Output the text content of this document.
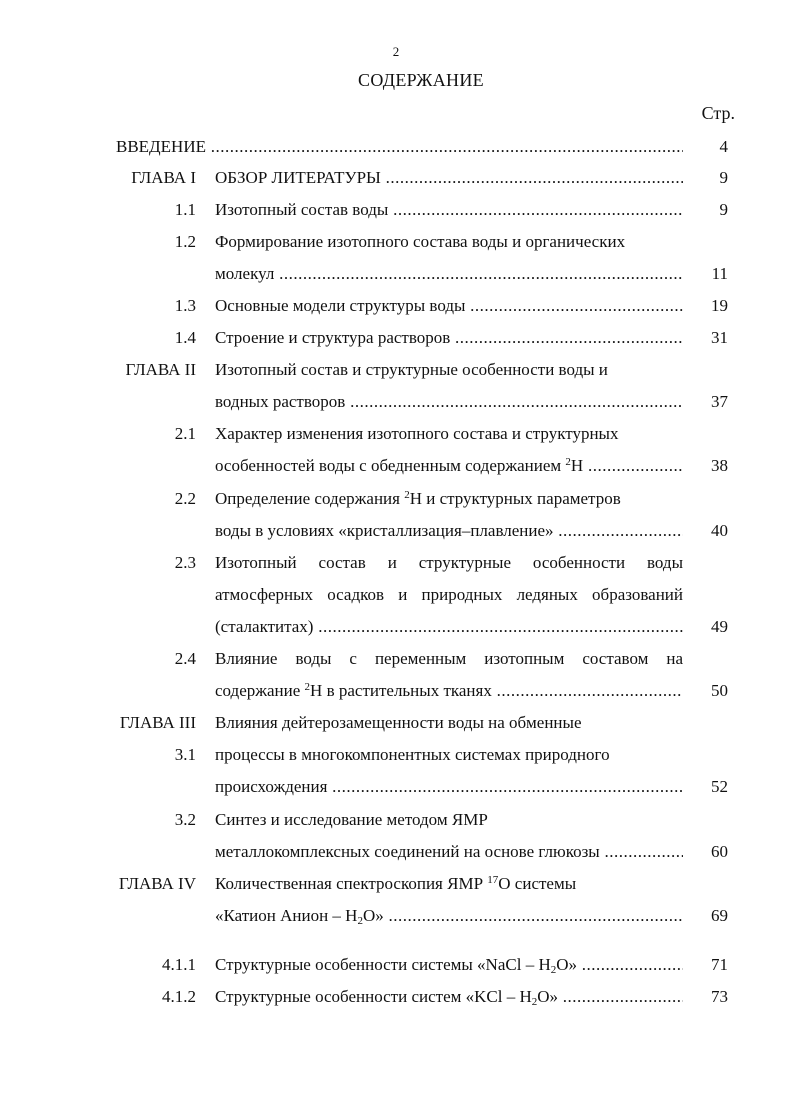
2
СОДЕРЖАНИЕ
Стр.
ВВЕДЕНИЕ .....	4
ГЛАВА I ОБЗОР ЛИТЕРАТУРЫ .....	9
1.1 Изотопный состав воды .....	9
1.2 Формирование изотопного состава воды и органических
молекул .....	11
1.3 Основные модели структуры воды .....	19
1.4 Строение и структура растворов .....	31
ГЛАВА II Изотопный состав и структурные особенности воды и
водных растворов .....	37
2.1 Характер изменения изотопного состава и структурных
особенностей воды с обедненным содержанием $^2$Н .....	38
2.2 Определение содержания $^2$Н и структурных параметров
воды в условиях «кристаллизация–плавление» .....	40
2.3 Изотопный состав и структурные особенности воды
атмосферных осадков и природных ледяных образований
(сталактитах) .....	49
2.4 Влияние воды с переменным изотопным составом на
содержание $^2$Н в растительных тканях .....	50
ГЛАВА III Влияния дейтерозамещенности воды на обменные
3.1 процессы в многокомпонентных системах природного
происхождения .....	52
3.2 Синтез и исследование методом ЯМР
металлокомплексных соединений на основе глюкозы .....	60
ГЛАВА IV Количественная спектроскопия ЯМР $^{17}$О системы
«Катион Анион – $Н_2О$» .....	69
4.1.1 Структурные особенности системы «NaCl – $Н_2О$» .....	71
4.1.2 Структурные особенности систем «KCl – $Н_2О$» .....	73
